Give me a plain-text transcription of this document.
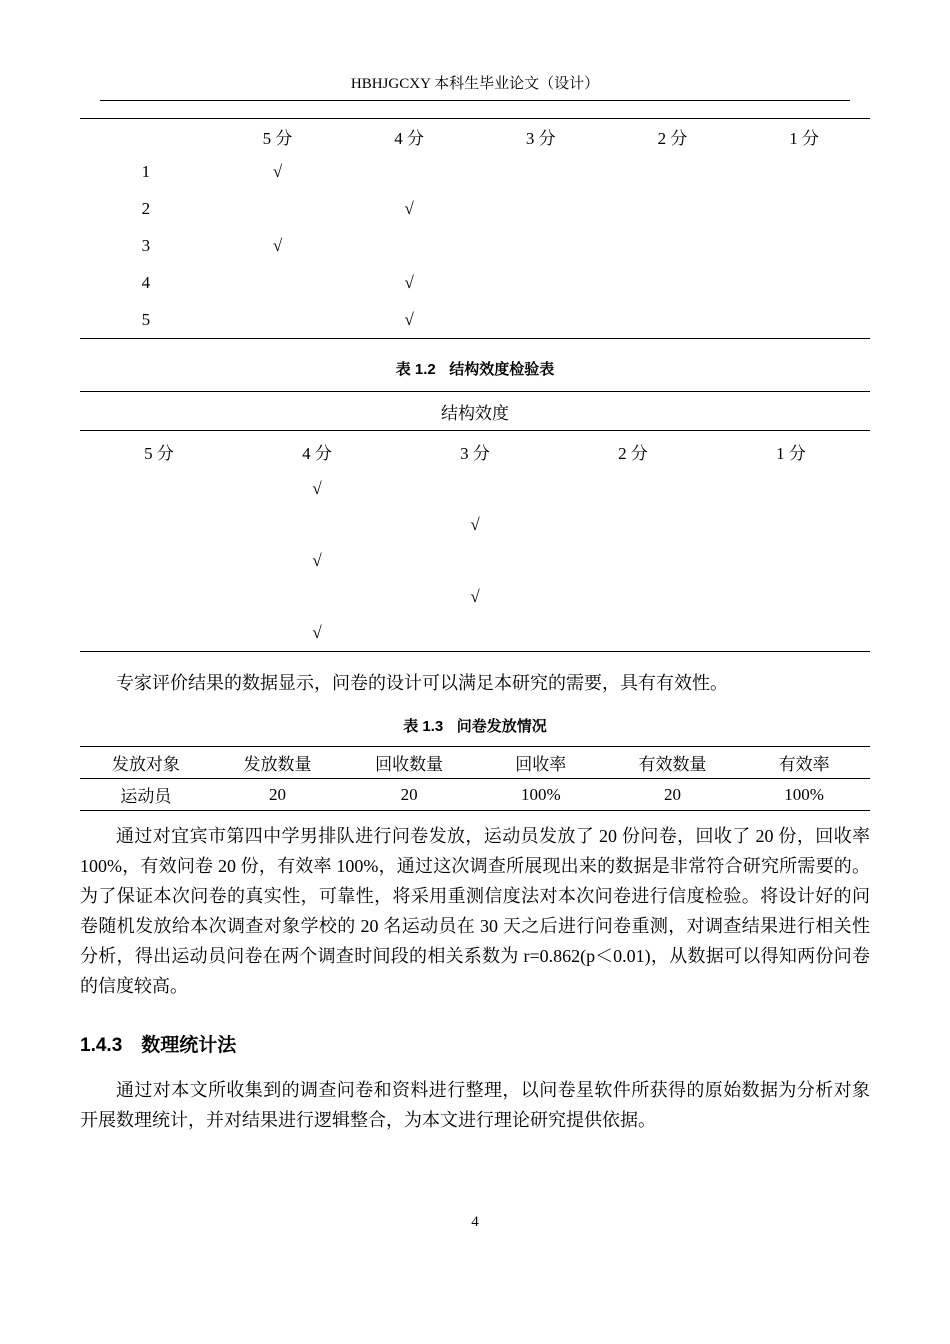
HBHJGCXY 本科生毕业论文（设计）
	5 分	4 分	3 分	2 分	1 分
1	√				
2		√			
3	√				
4		√			
5		√			
表 1.2 结构效度检验表
结构效度				
5 分	4 分	3 分	2 分	1 分
	√			
		√		
	√			
		√		
	√			

专家评价结果的数据显示，问卷的设计可以满足本研究的需要，具有有效性。

表 1.3 问卷发放情况
发放对象	发放数量	回收数量	回收率	有效数量	有效率
运动员	20	20	100%	20	100%

通过对宜宾市第四中学男排队进行问卷发放，运动员发放了 20 份问卷，回收了 20 份，回收率 100%，有效问卷 20 份，有效率 100%，通过这次调查所展现出来的数据是非常符合研究所需要的。为了保证本次问卷的真实性，可靠性，将采用重测信度法对本次问卷进行信度检验。将设计好的问卷随机发放给本次调查对象学校的 20 名运动员在 30 天之后进行问卷重测，对调查结果进行相关性分析，得出运动员问卷在两个调查时间段的相关系数为 r=0.862(p＜0.01)，从数据可以得知两份问卷的信度较高。

1.4.3 数理统计法

通过对本文所收集到的调查问卷和资料进行整理，以问卷星软件所获得的原始数据为分析对象开展数理统计，并对结果进行逻辑整合，为本文进行理论研究提供依据。

4
